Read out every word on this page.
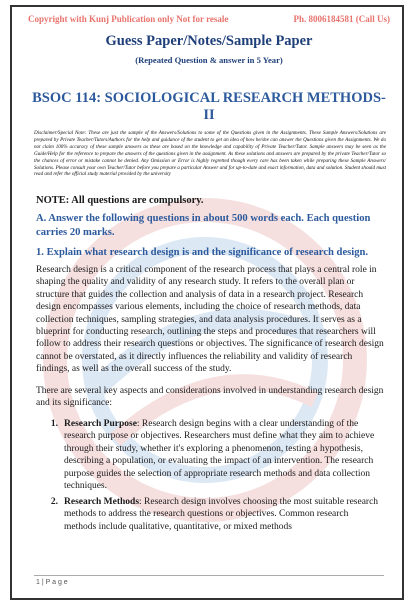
Copyright with Kunj Publication only Not for resale	Ph. 8006184581 (Call Us)
Guess Paper/Notes/Sample Paper
(Repeated Question & answer in 5 Year)
BSOC 114: SOCIOLOGICAL RESEARCH METHODS-II
Disclaimer/Special Note: These are just the sample of the Answers/Solutions to some of the Questions given in the Assignments. These Sample Answers/Solutions are prepared by Private Teacher/Tutors/Authors for the help and guidance of the student to get an idea of how he/she can answer the Questions given the Assignments. We do not claim 100% accuracy of these sample answers as these are based on the knowledge and capability of Private Teacher/Tutor. Sample answers may be seen as the Guide/Help for the reference to prepare the answers of the questions given in the assignment. As these solutions and answers are prepared by the private Teacher/Tutor so the chances of error or mistake cannot be denied. Any Omission or Error is highly regretted though every care has been taken while preparing these Sample Answers/ Solutions. Please consult your own Teacher/Tutor before you prepare a particular Answer and for up-to-date and exact information, data and solution. Student should must read and refer the official study material provided by the university
NOTE: All questions are compulsory.
A. Answer the following questions in about 500 words each. Each question carries 20 marks.
1. Explain what research design is and the significance of research design.
Research design is a critical component of the research process that plays a central role in shaping the quality and validity of any research study. It refers to the overall plan or structure that guides the collection and analysis of data in a research project. Research design encompasses various elements, including the choice of research methods, data collection techniques, sampling strategies, and data analysis procedures. It serves as a blueprint for conducting research, outlining the steps and procedures that researchers will follow to address their research questions or objectives. The significance of research design cannot be overstated, as it directly influences the reliability and validity of research findings, as well as the overall success of the study.
There are several key aspects and considerations involved in understanding research design and its significance:
1. Research Purpose: Research design begins with a clear understanding of the research purpose or objectives. Researchers must define what they aim to achieve through their study, whether it's exploring a phenomenon, testing a hypothesis, describing a population, or evaluating the impact of an intervention. The research purpose guides the selection of appropriate research methods and data collection techniques.
2. Research Methods: Research design involves choosing the most suitable research methods to address the research questions or objectives. Common research methods include qualitative, quantitative, or mixed methods
1 | P a g e
